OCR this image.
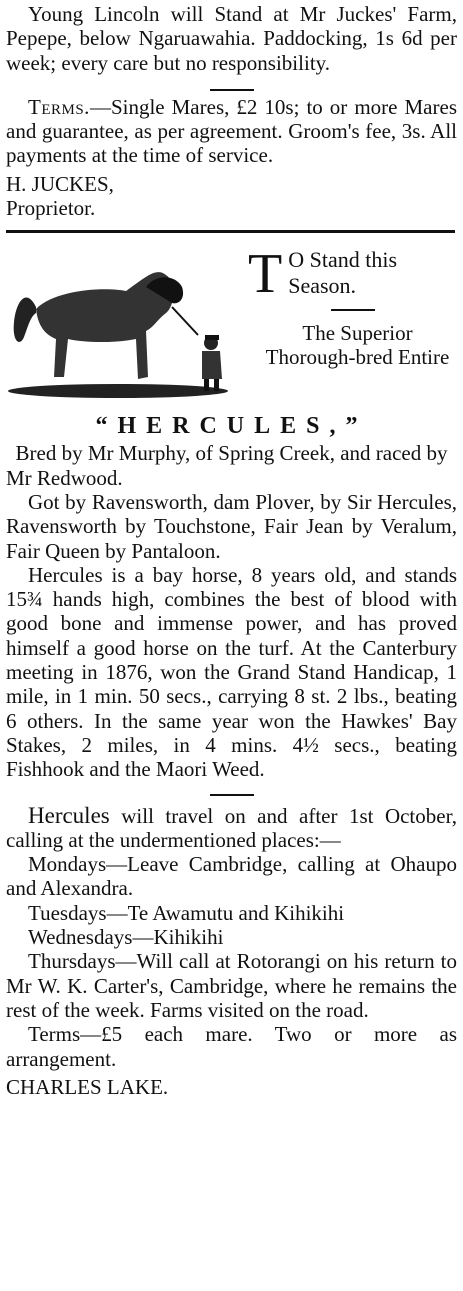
Young Lincoln will Stand at Mr Juckes' Farm, Pepepe, below Ngaruawahia. Paddocking, 1s 6d per week; every care but no responsibility.

Terms.—Single Mares, £2 10s; to or more Mares and guarantee, as per agreement. Groom's fee, 3s. All payments at the time of service.

H. JUCKES,

Proprietor.

T O Stand this Season.

The Superior Thorough-bred Entire

“HERCULES,”

Bred by Mr Murphy, of Spring Creek, and raced by Mr Redwood.

Got by Ravensworth, dam Plover, by Sir Hercules, Ravensworth by Touchstone, Fair Jean by Veralum, Fair Queen by Pantaloon.

Hercules is a bay horse, 8 years old, and stands 15¾ hands high, combines the best of blood with good bone and immense power, and has proved himself a good horse on the turf. At the Canterbury meeting in 1876, won the Grand Stand Handicap, 1 mile, in 1 min. 50 secs., carrying 8 st. 2 lbs., beating 6 others. In the same year won the Hawkes' Bay Stakes, 2 miles, in 4 mins. 4½ secs., beating Fishhook and the Maori Weed.

Hercules will travel on and after 1st October, calling at the undermentioned places:—

Mondays—Leave Cambridge, calling at Ohaupo and Alexandra.

Tuesdays—Te Awamutu and Kihikihi

Wednesdays—Kihikihi

Thursdays—Will call at Rotorangi on his return to Mr W. K. Carter's, Cambridge, where he remains the rest of the week. Farms visited on the road.

Terms—£5 each mare. Two or more as arrangement.

CHARLES LAKE.
